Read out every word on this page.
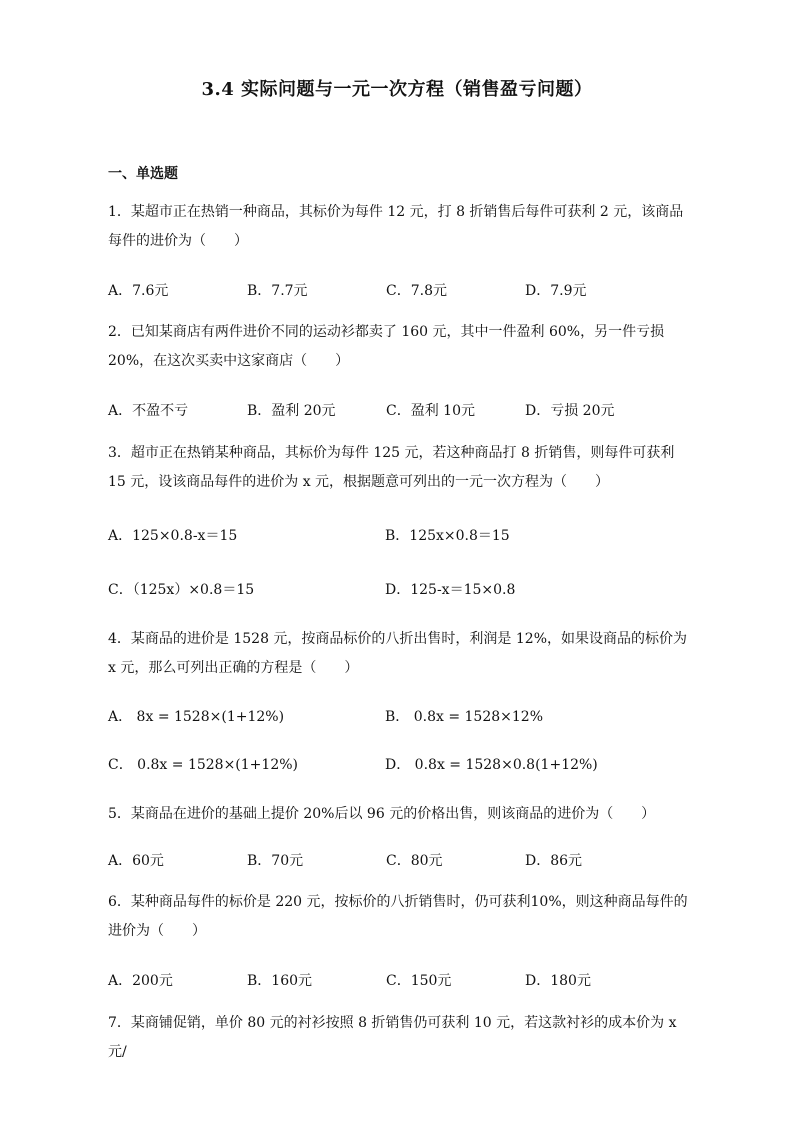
3.4 实际问题与一元一次方程（销售盈亏问题）
一、单选题
1．某超市正在热销一种商品，其标价为每件 12 元，打 8 折销售后每件可获利 2 元，该商品每件的进价为（　　）
A．7.6元	B．7.7元	C．7.8元	D．7.9元
2．已知某商店有两件进价不同的运动衫都卖了 160 元，其中一件盈利 60%，另一件亏损 20%，在这次买卖中这家商店（　　）
A．不盈不亏	B．盈利 20元	C．盈利 10元	D．亏损 20元
3．超市正在热销某种商品，其标价为每件 125 元，若这种商品打 8 折销售，则每件可获利 15 元，设该商品每件的进价为 x 元，根据题意可列出的一元一次方程为（　　）
A．125×0.8-x＝15	B．125x×0.8＝15
C．（125x）×0.8＝15	D．125-x＝15×0.8
4．某商品的进价是 1528 元，按商品标价的八折出售时，利润是 12%，如果设商品的标价为 x 元，那么可列出正确的方程是（　　）
A． 8x = 1528×(1+12%)	B． 0.8x = 1528×12%
C． 0.8x = 1528×(1+12%)	D． 0.8x = 1528×0.8(1+12%)
5．某商品在进价的基础上提价 20%后以 96 元的价格出售，则该商品的进价为（　　）
A．60元	B．70元	C．80元	D．86元
6．某种商品每件的标价是 220 元，按标价的八折销售时，仍可获利10%，则这种商品每件的进价为（　　）
A．200元	B．160元	C．150元	D．180元
7．某商铺促销，单价 80 元的衬衫按照 8 折销售仍可获利 10 元，若这款衬衫的成本价为 x 元/
